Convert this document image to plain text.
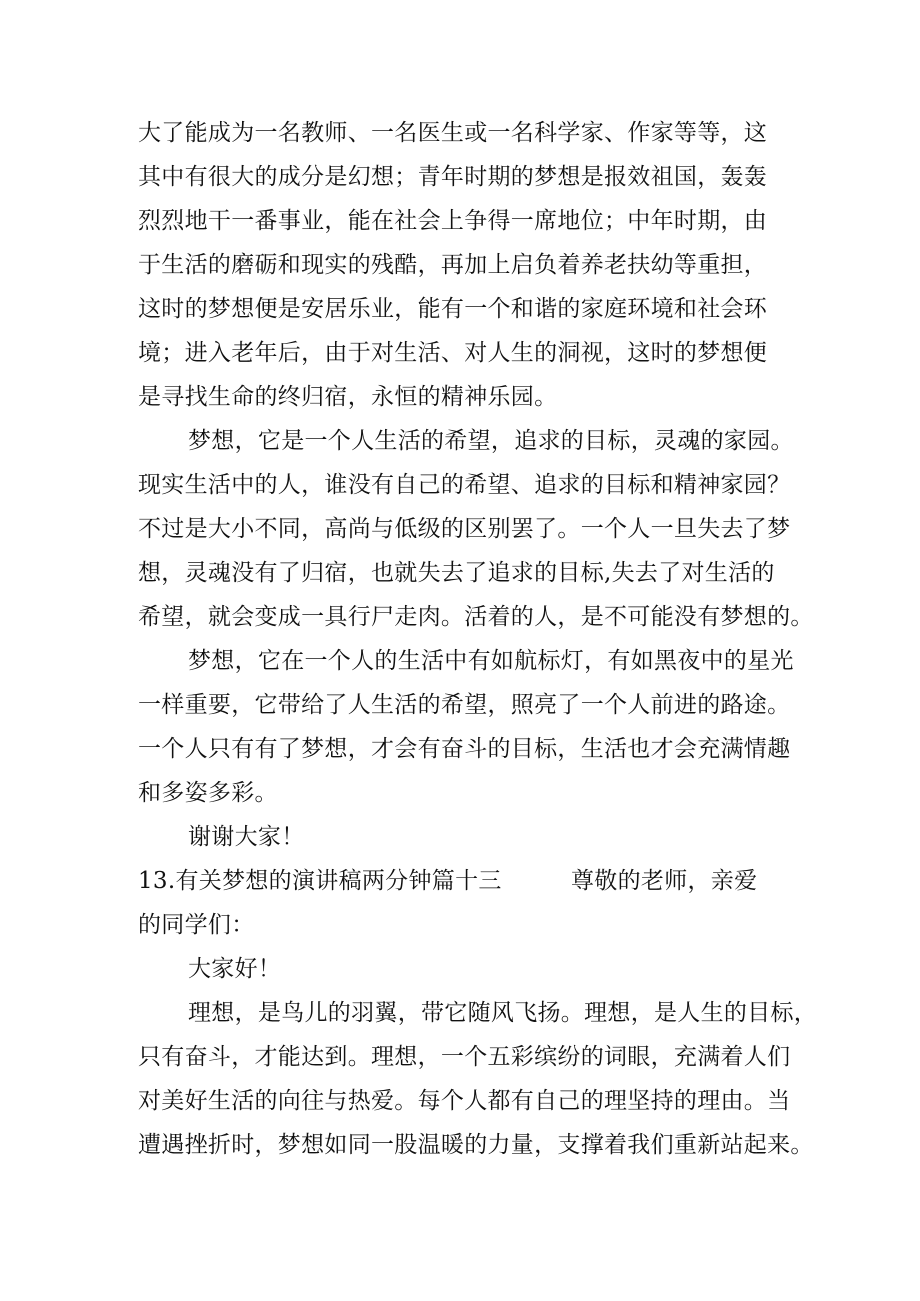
大了能成为一名教师、一名医生或一名科学家、作家等等，这
其中有很大的成分是幻想；青年时期的梦想是报效祖国，轰轰
烈烈地干一番事业，能在社会上争得一席地位；中年时期，由
于生活的磨砺和现实的残酷，再加上启负着养老扶幼等重担，
这时的梦想便是安居乐业，能有一个和谐的家庭环境和社会环
境；进入老年后，由于对生活、对人生的洞视，这时的梦想便
是寻找生命的终归宿，永恒的精神乐园。
梦想，它是一个人生活的希望，追求的目标，灵魂的家园。
现实生活中的人，谁没有自己的希望、追求的目标和精神家园？
不过是大小不同，高尚与低级的区别罢了。一个人一旦失去了梦
想，灵魂没有了归宿，也就失去了追求的目标,失去了对生活的
希望，就会变成一具行尸走肉。活着的人，是不可能没有梦想的。
梦想，它在一个人的生活中有如航标灯，有如黑夜中的星光
一样重要，它带给了人生活的希望，照亮了一个人前进的路途。
一个人只有有了梦想，才会有奋斗的目标，生活也才会充满情趣
和多姿多彩。
谢谢大家！
13.有关梦想的演讲稿两分钟篇十三	尊敬的老师，亲爱
的同学们：
大家好！
理想，是鸟儿的羽翼，带它随风飞扬。理想，是人生的目标，
只有奋斗，才能达到。理想，一个五彩缤纷的词眼，充满着人们
对美好生活的向往与热爱。每个人都有自己的理坚持的理由。当
遭遇挫折时，梦想如同一股温暖的力量，支撑着我们重新站起来。
